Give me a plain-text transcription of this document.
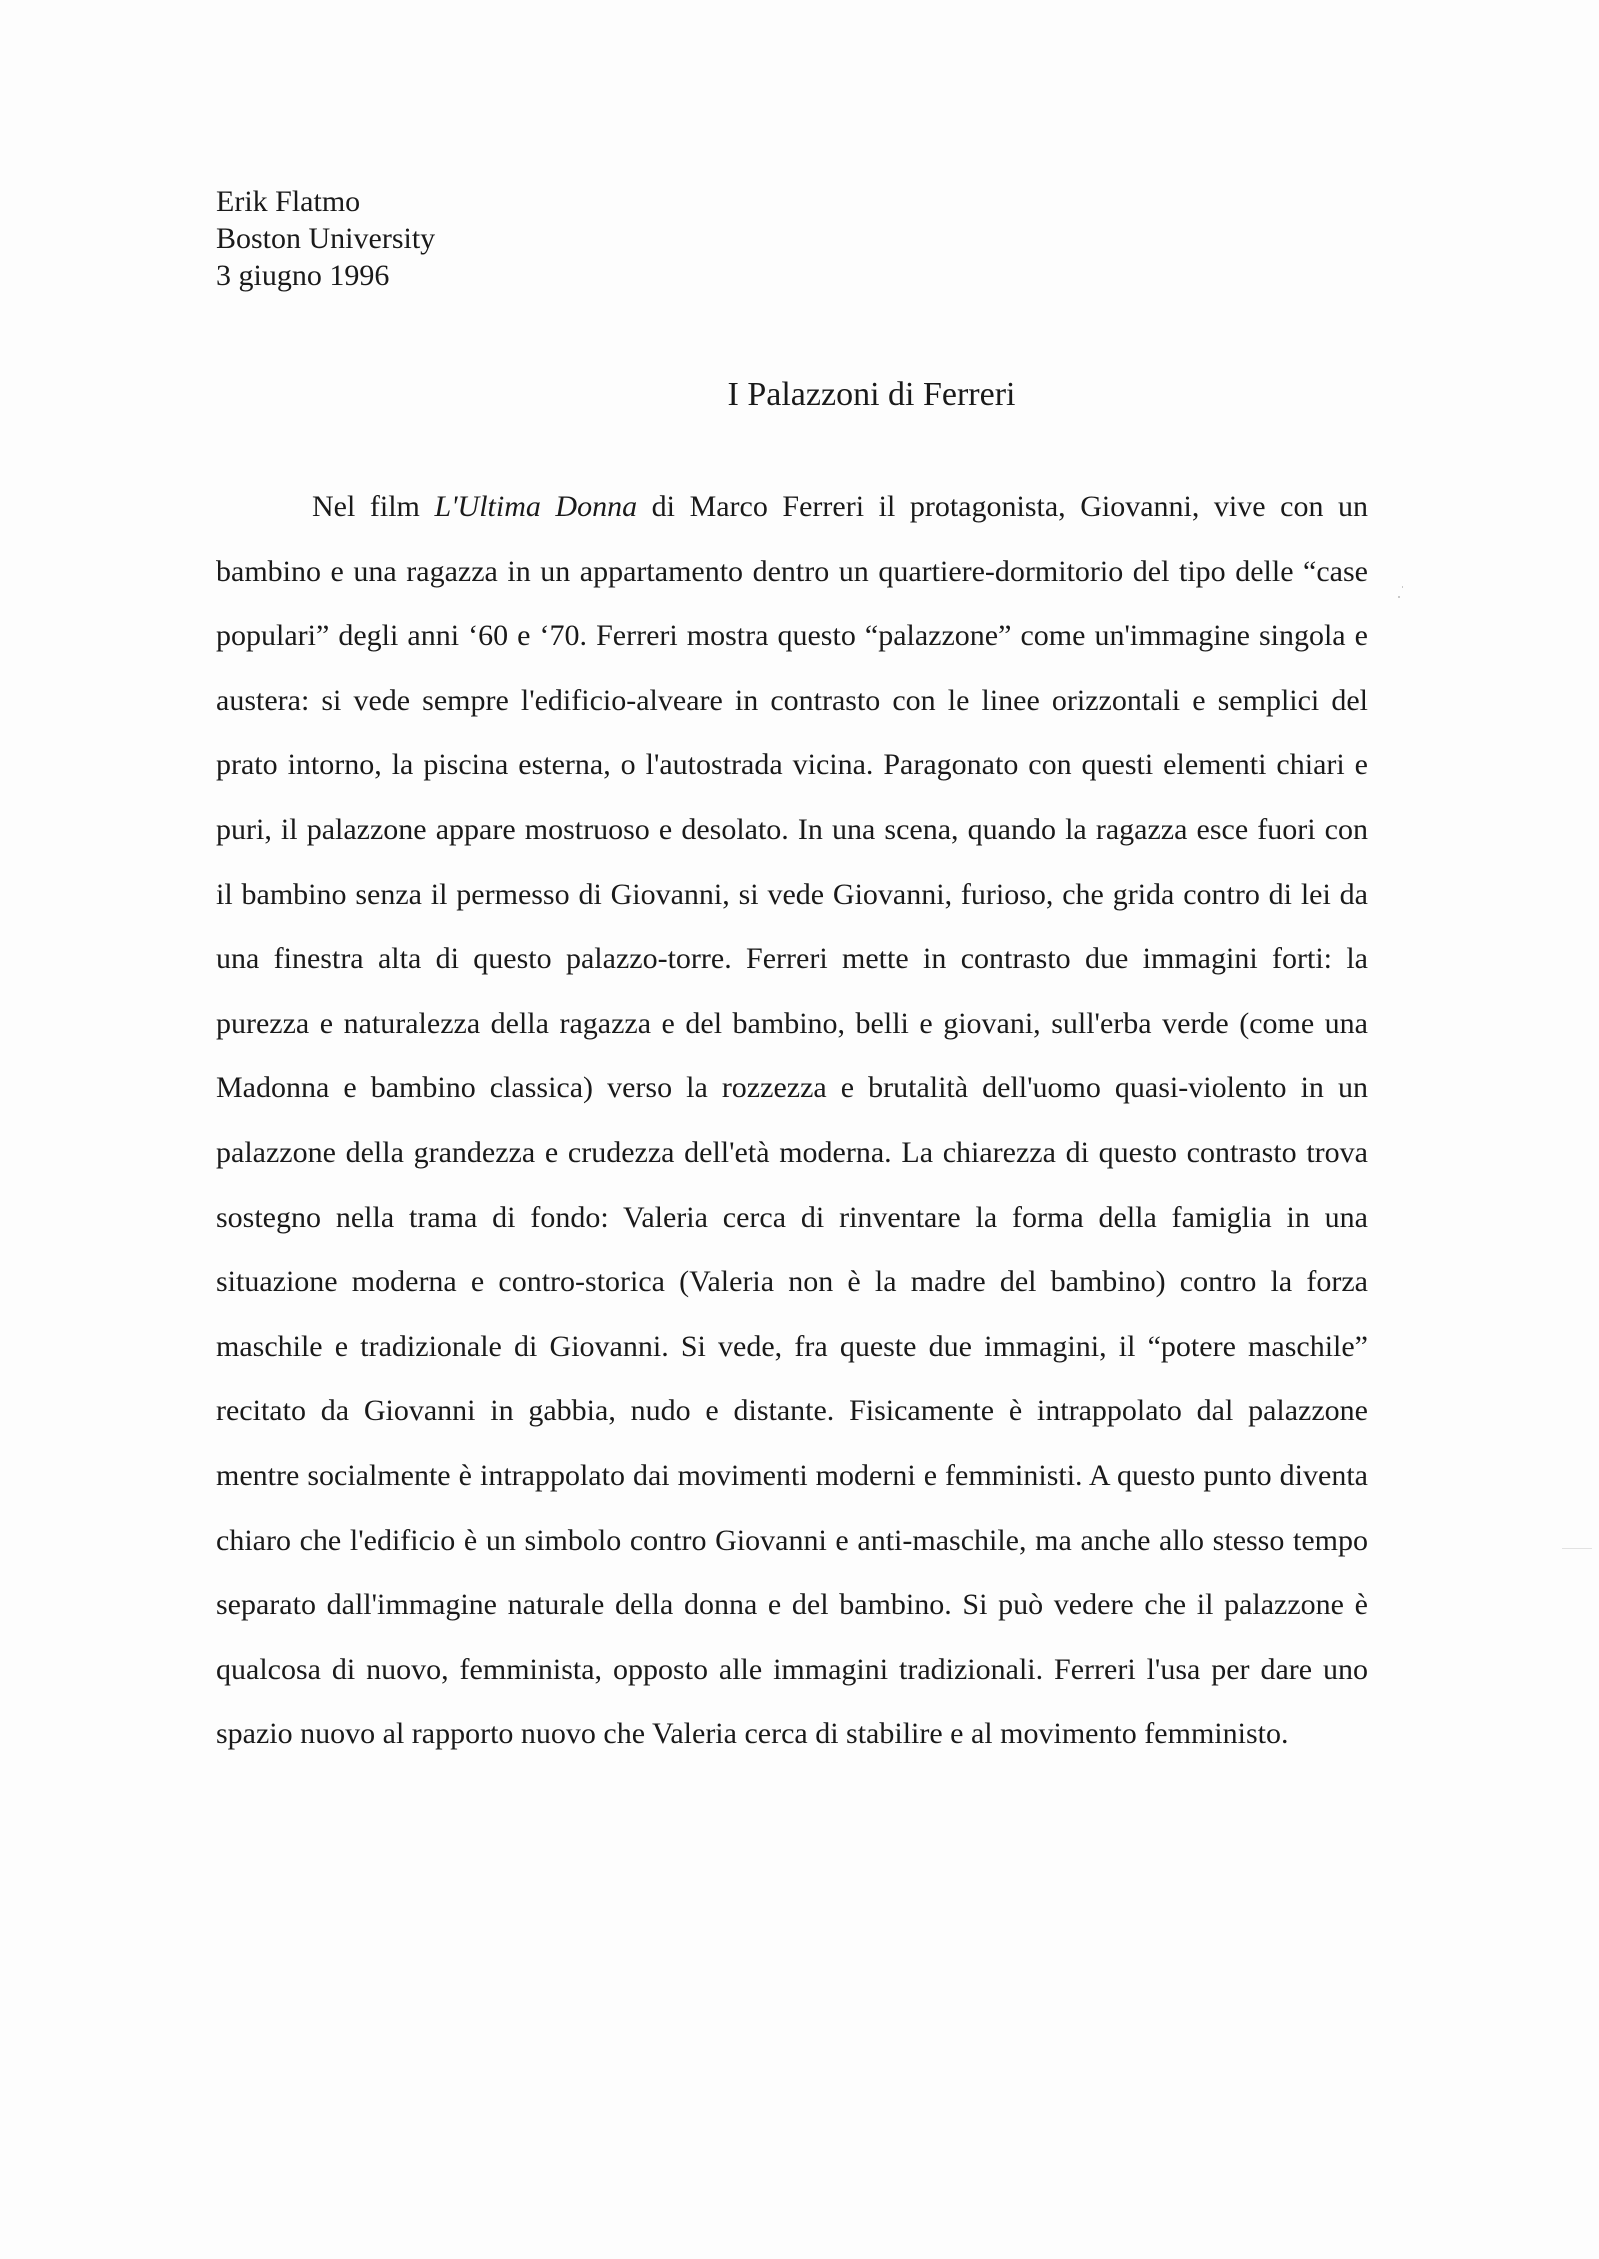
Erik Flatmo
Boston University
3 giugno 1996
I Palazzoni di Ferreri

Nel film L'Ultima Donna di Marco Ferreri il protagonista, Giovanni, vive con un bambino e una ragazza in un appartamento dentro un quartiere-dormitorio del tipo delle “case populari” degli anni ‘60 e ‘70. Ferreri mostra questo “palazzone” come un'immagine singola e austera: si vede sempre l'edificio-alveare in contrasto con le linee orizzontali e semplici del prato intorno, la piscina esterna, o l'autostrada vicina. Paragonato con questi elementi chiari e puri, il palazzone appare mostruoso e desolato. In una scena, quando la ragazza esce fuori con il bambino senza il permesso di Giovanni, si vede Giovanni, furioso, che grida contro di lei da una finestra alta di questo palazzo-torre. Ferreri mette in contrasto due immagini forti: la purezza e naturalezza della ragazza e del bambino, belli e giovani, sull'erba verde (come una Madonna e bambino classica) verso la rozzezza e brutalità dell'uomo quasi-violento in un palazzone della grandezza e crudezza dell'età moderna. La chiarezza di questo contrasto trova sostegno nella trama di fondo: Valeria cerca di rinventare la forma della famiglia in una situazione moderna e contro-storica (Valeria non è la madre del bambino) contro la forza maschile e tradizionale di Giovanni. Si vede, fra queste due immagini, il “potere maschile” recitato da Giovanni in gabbia, nudo e distante. Fisicamente è intrappolato dal palazzone mentre socialmente è intrappolato dai movimenti moderni e femministi. A questo punto diventa chiaro che l'edificio è un simbolo contro Giovanni e anti-maschile, ma anche allo stesso tempo separato dall'immagine naturale della donna e del bambino. Si può vedere che il palazzone è qualcosa di nuovo, femminista, opposto alle immagini tradizionali. Ferreri l'usa per dare uno spazio nuovo al rapporto nuovo che Valeria cerca di stabilire e al movimento femministo.
